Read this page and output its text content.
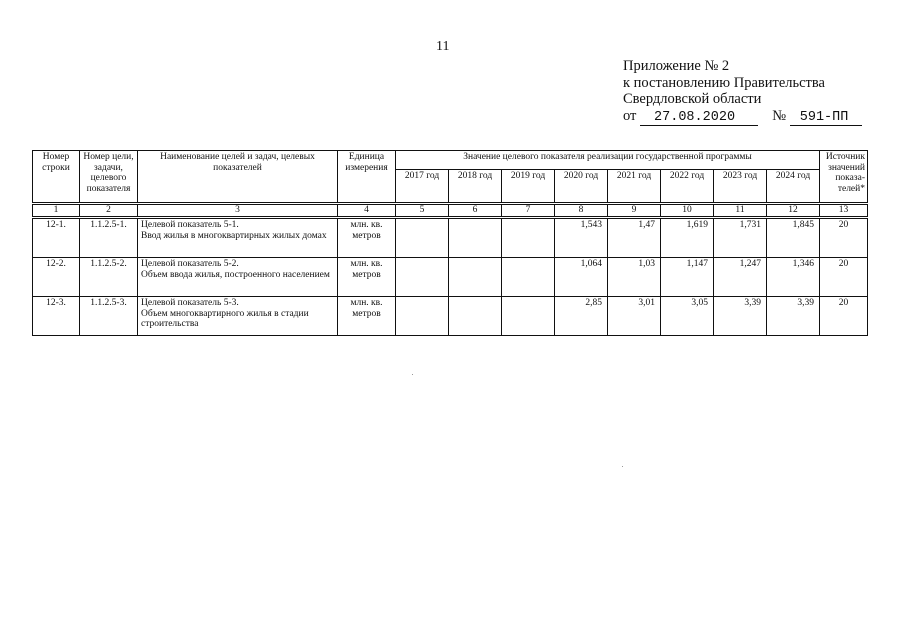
11
Приложение № 2
к постановлению Правительства
Свердловской области
от 27.08.2020	№ 591-ПП
Номер строки	Номер цели, задачи, целевого показателя	Наименование целей и задач, целевых показателей	Единица измерения	Значение целевого показателя реализации государственной программы								Источник значений показа-телей*
				2017 год	2018 год	2019 год	2020 год	2021 год	2022 год	2023 год	2024 год	

1	2	3	4	5	6	7	8	9	10	11	12	13

12-1.	1.1.2.5-1.	Целевой показатель 5-1.
Ввод жилья в многоквартирных жилых домах	млн. кв. метров				1,543	1,47	1,619	1,731	1,845	20
12-2.	1.1.2.5-2.	Целевой показатель 5-2.
Объем ввода жилья, построенного населением	млн. кв. метров				1,064	1,03	1,147	1,247	1,346	20
12-3.	1.1.2.5-3.	Целевой показатель 5-3.
Объем многоквартирного жилья в стадии строительства	млн. кв. метров				2,85	3,01	3,05	3,39	3,39	20
